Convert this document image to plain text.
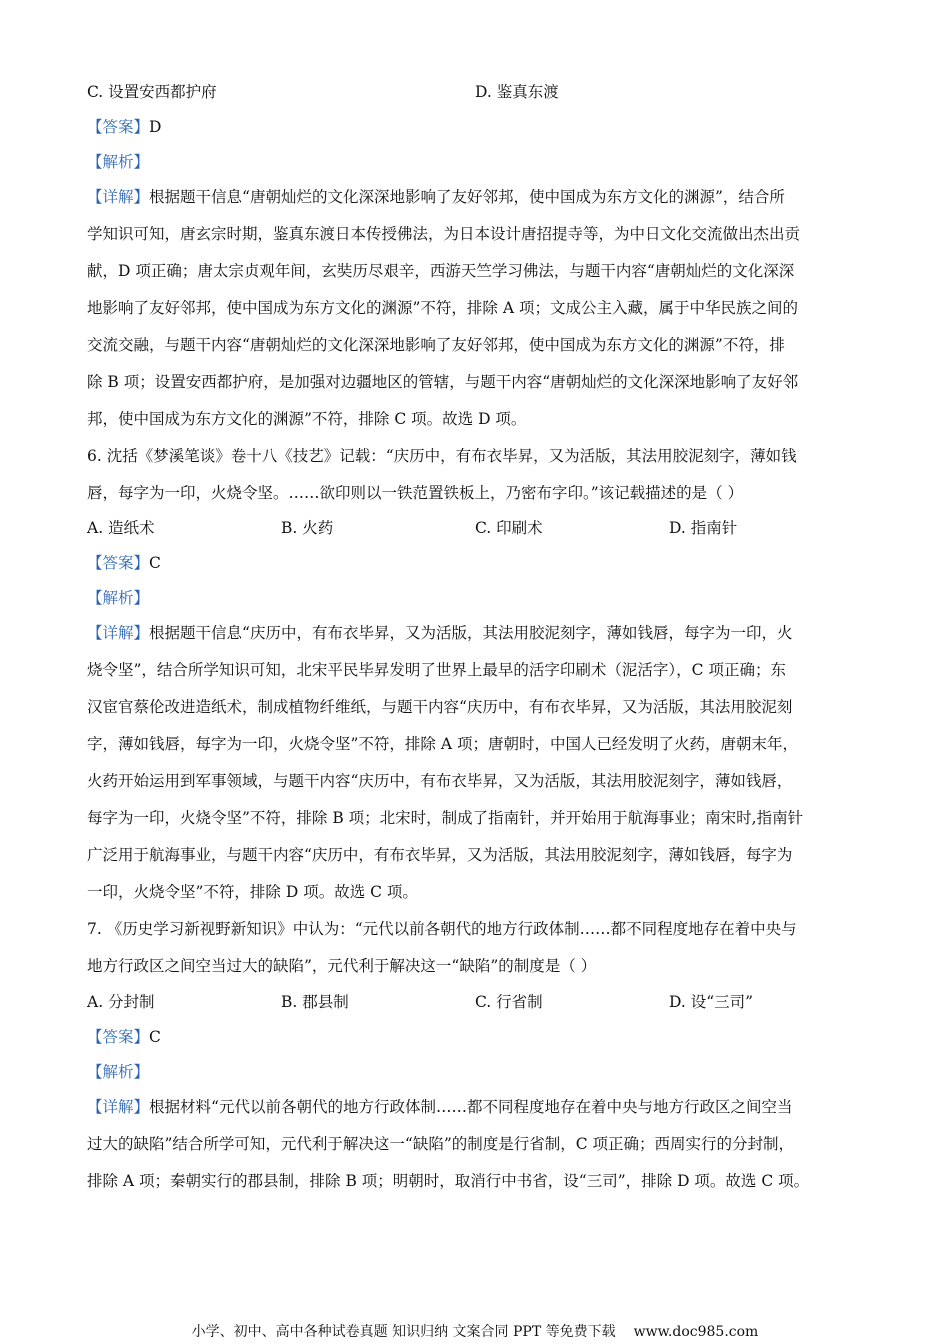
C. 设置安西都护府	D. 鉴真东渡
【答案】D
【解析】
【详解】根据题干信息“唐朝灿烂的文化深深地影响了友好邻邦，使中国成为东方文化的渊源”，结合所
学知识可知，唐玄宗时期，鉴真东渡日本传授佛法，为日本设计唐招提寺等，为中日文化交流做出杰出贡
献，D 项正确；唐太宗贞观年间，玄奘历尽艰辛，西游天竺学习佛法，与题干内容“唐朝灿烂的文化深深
地影响了友好邻邦，使中国成为东方文化的渊源”不符，排除 A 项；文成公主入藏，属于中华民族之间的
交流交融，与题干内容“唐朝灿烂的文化深深地影响了友好邻邦，使中国成为东方文化的渊源”不符，排
除 B 项；设置安西都护府，是加强对边疆地区的管辖，与题干内容“唐朝灿烂的文化深深地影响了友好邻
邦，使中国成为东方文化的渊源”不符，排除 C 项。故选 D 项。
6. 沈括《梦溪笔谈》卷十八《技艺》记载：“庆历中，有布衣毕昇，又为活版，其法用胶泥刻字，薄如钱
唇，每字为一印，火烧令坚。……欲印则以一铁范置铁板上，乃密布字印。”该记载描述的是（ ）
A. 造纸术	B. 火药	C. 印刷术	D. 指南针
【答案】C
【解析】
【详解】根据题干信息“庆历中，有布衣毕昇，又为活版，其法用胶泥刻字，薄如钱唇，每字为一印，火
烧令坚”，结合所学知识可知，北宋平民毕昇发明了世界上最早的活字印刷术（泥活字），C 项正确；东
汉宦官蔡伦改进造纸术，制成植物纤维纸，与题干内容“庆历中，有布衣毕昇，又为活版，其法用胶泥刻
字，薄如钱唇，每字为一印，火烧令坚”不符，排除 A 项；唐朝时，中国人已经发明了火药，唐朝末年，
火药开始运用到军事领域，与题干内容“庆历中，有布衣毕昇，又为活版，其法用胶泥刻字，薄如钱唇，
每字为一印，火烧令坚”不符，排除 B 项；北宋时，制成了指南针，并开始用于航海事业；南宋时,指南针
广泛用于航海事业，与题干内容“庆历中，有布衣毕昇，又为活版，其法用胶泥刻字，薄如钱唇，每字为
一印，火烧令坚”不符，排除 D 项。故选 C 项。
7. 《历史学习新视野新知识》中认为：“元代以前各朝代的地方行政体制……都不同程度地存在着中央与
地方行政区之间空当过大的缺陷”，元代利于解决这一“缺陷”的制度是（ ）
A. 分封制	B. 郡县制	C. 行省制	D. 设“三司”
【答案】C
【解析】
【详解】根据材料“元代以前各朝代的地方行政体制……都不同程度地存在着中央与地方行政区之间空当
过大的缺陷”结合所学可知，元代利于解决这一“缺陷”的制度是行省制，C 项正确；西周实行的分封制，
排除 A 项；秦朝实行的郡县制，排除 B 项；明朝时，取消行中书省，设“三司”，排除 D 项。故选 C 项。
小学、初中、高中各种试卷真题 知识归纳 文案合同 PPT 等免费下载 www.doc985.com
